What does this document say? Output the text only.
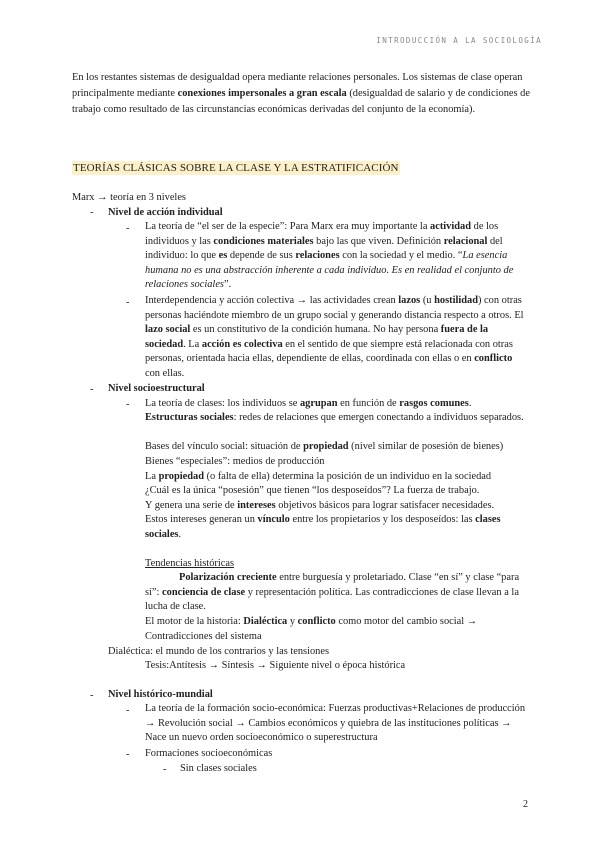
INTRODUCCIÓN A LA SOCIOLOGÍA

En los restantes sistemas de desigualdad opera mediante relaciones personales. Los sistemas de clase operan principalmente mediante conexiones impersonales a gran escala (desigualdad de salario y de condiciones de trabajo como resultado de las circunstancias económicas derivadas del conjunto de la economía).

TEORÍAS CLÁSICAS SOBRE LA CLASE Y LA ESTRATIFICACIÓN
Marx → teoría en 3 niveles
- Nivel de acción individual
- La teoría de “el ser de la especie”: Para Marx era muy importante la actividad de los individuos y las condiciones materiales bajo las que viven. Definición relacional del individuo: lo que es depende de sus relaciones con la sociedad y el medio. “La esencia humana no es una abstracción inherente a cada individuo. Es en realidad el conjunto de relaciones sociales”.

- Interdependencia y acción colectiva → las actividades crean lazos (u hostilidad) con otras personas haciéndote miembro de un grupo social y generando distancia respecto a otros. El lazo social es un constitutivo de la condición humana. No hay persona fuera de la sociedad. La acción es colectiva en el sentido de que siempre está relacionada con otras personas, orientada hacia ellas, dependiente de ellas, coordinada con ellas o en conflicto con ellas.

- Nivel socioestructural
- La teoría de clases: los individuos se agrupan en función de rasgos comunes.

Estructuras sociales: redes de relaciones que emergen conectando a individuos separados.

Bases del vínculo social: situación de propiedad (nivel similar de posesión de bienes)
Bienes “especiales”: medios de producción
La propiedad (o falta de ella) determina la posición de un individuo en la sociedad
¿Cuál es la única “posesión” que tienen “los desposeídos”? La fuerza de trabajo.
Y genera una serie de intereses objetivos básicos para lograr satisfacer necesidades.

Estos intereses generan un vínculo entre los propietarios y los desposeídos: las clases sociales.

Tendencias históricas

Polarización creciente entre burguesía y proletariado. Clase “en sí” y clase “para sí”: conciencia de clase y representación política. Las contradicciones de clase llevan a la lucha de clase.

El motor de la historia: Dialéctica y conflicto como motor del cambio social → Contradicciones del sistema

Dialéctica: el mundo de los contrarios y las tensiones
Tesis:Antítesis → Síntesis → Siguiente nivel o época histórica
- Nivel histórico-mundial
- La teoría de la formación socio-económica: Fuerzas productivas+Relaciones de producción → Revolución social → Cambios económicos y quiebra de las instituciones políticas → Nace un nuevo orden socioeconómico o superestructura

- Formaciones socioeconómicas
- Sin clases sociales
2
